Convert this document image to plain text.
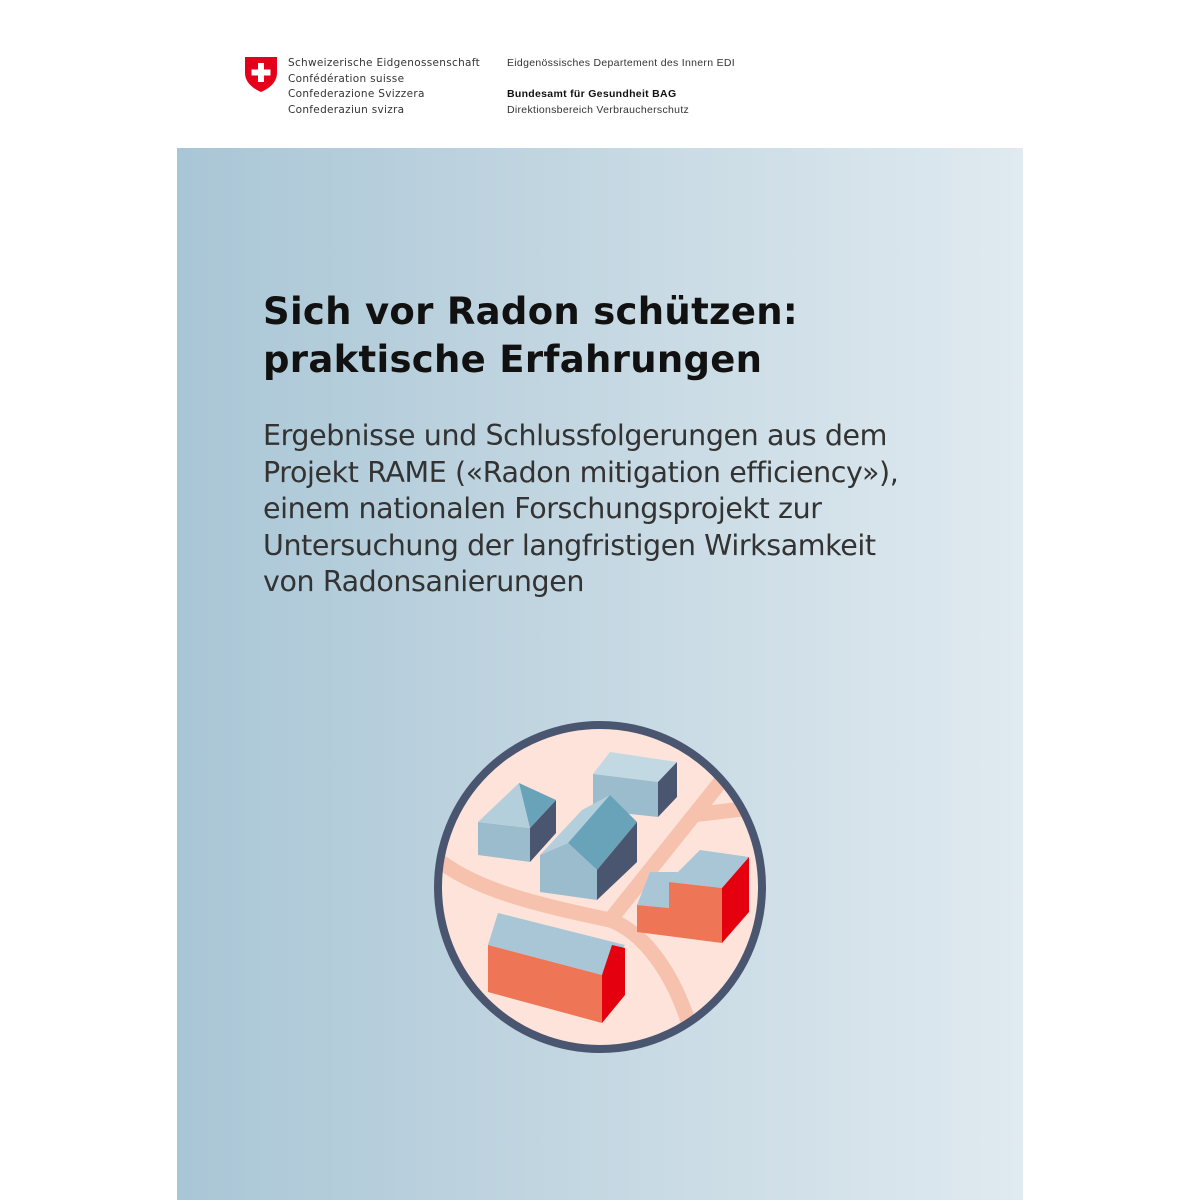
Schweizerische Eidgenossenschaft
Confédération suisse
Confederazione Svizzera
Confederaziun svizra
Eidgenössisches Departement des Innern EDI
Bundesamt für Gesundheit BAG
Direktionsbereich Verbraucherschutz
Sich vor Radon schützen:
praktische Erfahrungen
Ergebnisse und Schlussfolgerungen aus dem
Projekt RAME («Radon mitigation efficiency»),
einem nationalen Forschungsprojekt zur
Untersuchung der langfristigen Wirksamkeit
von Radonsanierungen
